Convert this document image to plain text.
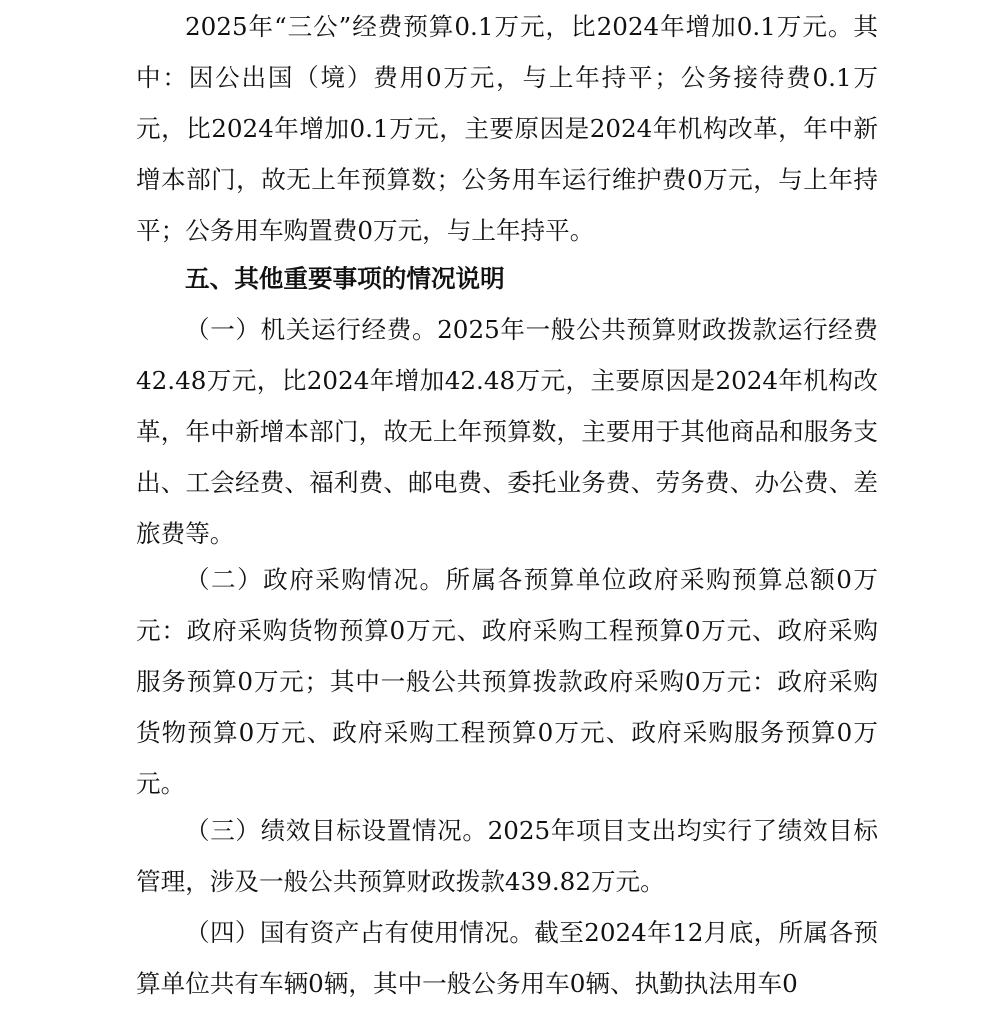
2025年“三公”经费预算0.1万元，比2024年增加0.1万元。其中：因公出国（境）费用0万元，与上年持平；公务接待费0.1万元，比2024年增加0.1万元，主要原因是2024年机构改革，年中新增本部门，故无上年预算数；公务用车运行维护费0万元，与上年持平；公务用车购置费0万元，与上年持平。

五、其他重要事项的情况说明

（一）机关运行经费。2025年一般公共预算财政拨款运行经费42.48万元，比2024年增加42.48万元，主要原因是2024年机构改革，年中新增本部门，故无上年预算数，主要用于其他商品和服务支出、工会经费、福利费、邮电费、委托业务费、劳务费、办公费、差旅费等。

（二）政府采购情况。所属各预算单位政府采购预算总额0万元：政府采购货物预算0万元、政府采购工程预算0万元、政府采购服务预算0万元；其中一般公共预算拨款政府采购0万元：政府采购货物预算0万元、政府采购工程预算0万元、政府采购服务预算0万元。

（三）绩效目标设置情况。2025年项目支出均实行了绩效目标管理，涉及一般公共预算财政拨款439.82万元。

（四）国有资产占有使用情况。截至2024年12月底，所属各预算单位共有车辆0辆，其中一般公务用车0辆、执勤执法用车0
